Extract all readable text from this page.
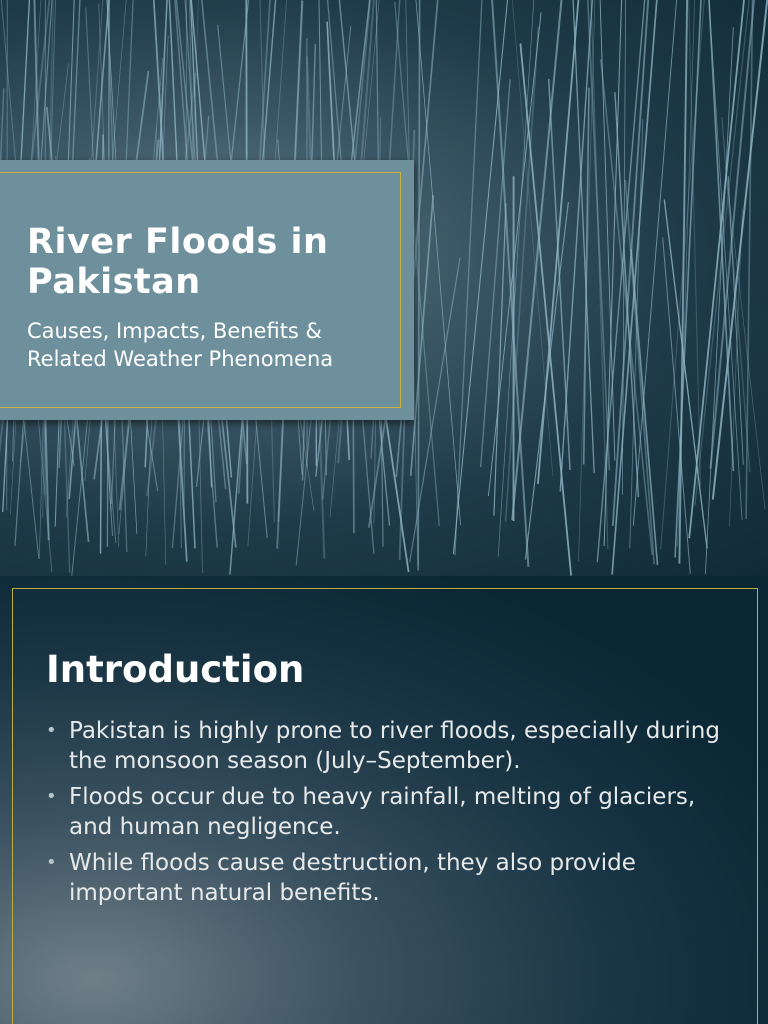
River Floods in Pakistan
Causes, Impacts, Benefits & Related Weather Phenomena
Introduction
• Pakistan is highly prone to river floods, especially during the monsoon season (July–September).
• Floods occur due to heavy rainfall, melting of glaciers, and human negligence.
• While floods cause destruction, they also provide important natural benefits.
